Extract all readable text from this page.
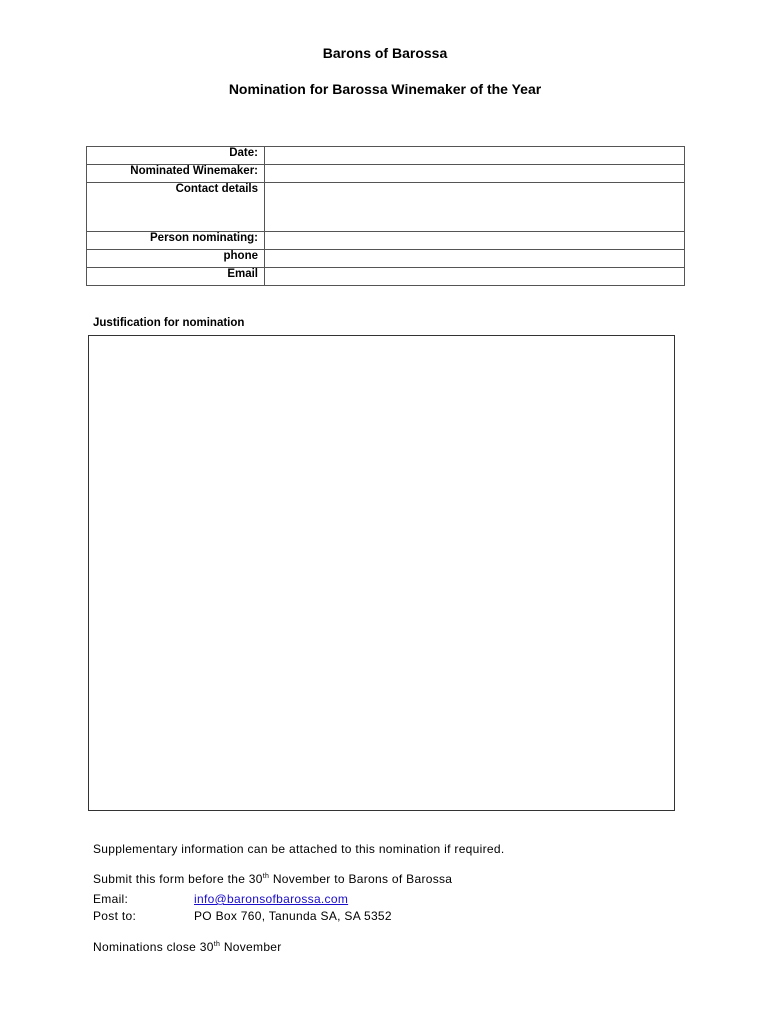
Barons of Barossa
Nomination for Barossa Winemaker of the Year
Date:	
Nominated Winemaker:	
Contact details	
Person nominating:	
phone	
Email	
Justification for nomination
Supplementary information can be attached to this nomination if required.
Submit this form before the 30th November to Barons of Barossa
Email:	info@baronsofbarossa.com
Post to:	PO Box 760, Tanunda SA, SA 5352
Nominations close 30th November
